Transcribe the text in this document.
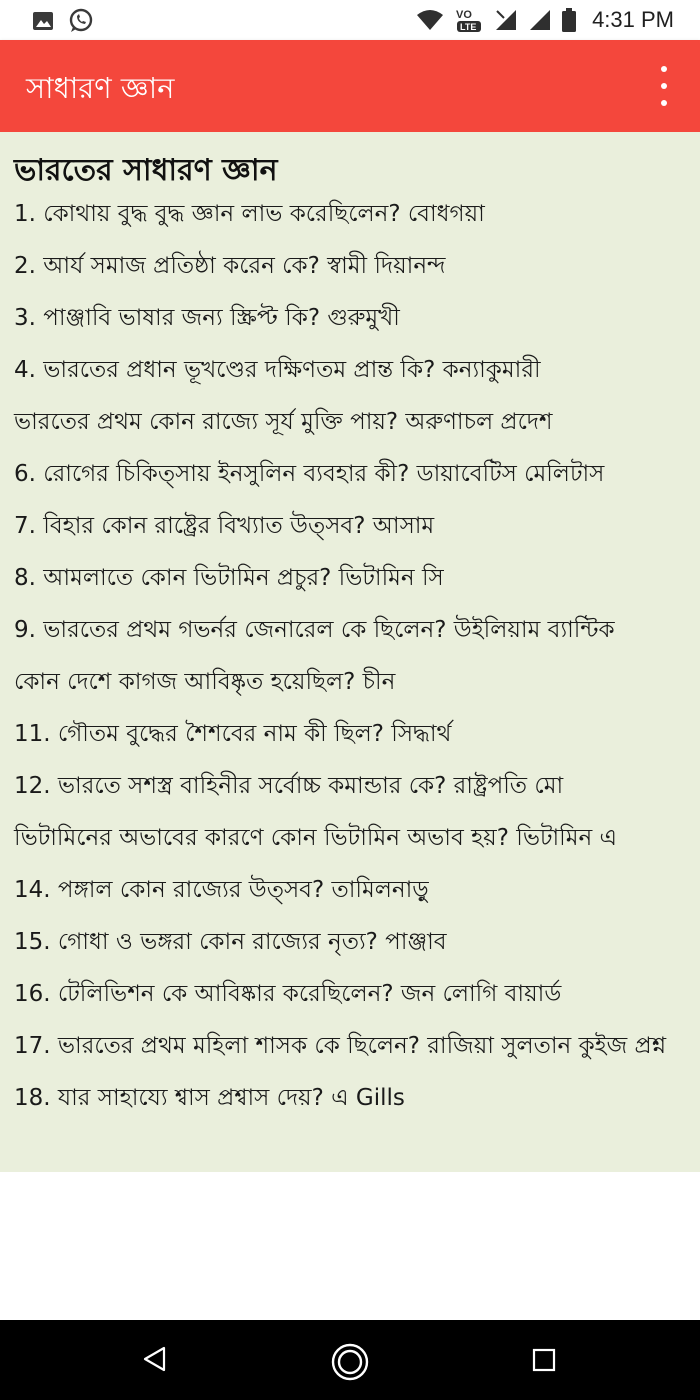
VO
LTE	4:31 PM
সাধারণ জ্ঞান
ভারতের সাধারণ জ্ঞান
1. কোথায় বুদ্ধ বুদ্ধ জ্ঞান লাভ করেছিলেন? বোধগয়া
2. আর্য সমাজ প্রতিষ্ঠা করেন কে? স্বামী দিয়ানন্দ
3. পাঞ্জাবি ভাষার জন্য স্ক্রিপ্ট কি? গুরুমুখী
4. ভারতের প্রধান ভূখণ্ডের দক্ষিণতম প্রান্ত কি? কন্যাকুমারী
ভারতের প্রথম কোন রাজ্যে সূর্য মুক্তি পায়? অরুণাচল প্রদেশ
6. রোগের চিকিত্সায় ইনসুলিন ব্যবহার কী? ডায়াবেটিস মেলিটাস
7. বিহার কোন রাষ্ট্রের বিখ্যাত উত্সব? আসাম
8. আমলাতে কোন ভিটামিন প্রচুর? ভিটামিন সি
9. ভারতের প্রথম গভর্নর জেনারেল কে ছিলেন? উইলিয়াম ব্যান্টিক
কোন দেশে কাগজ আবিষ্কৃত হয়েছিল? চীন
11. গৌতম বুদ্ধের শৈশবের নাম কী ছিল? সিদ্ধার্থ
12. ভারতে সশস্ত্র বাহিনীর সর্বোচ্চ কমান্ডার কে? রাষ্ট্রপতি মো
ভিটামিনের অভাবের কারণে কোন ভিটামিন অভাব হয়? ভিটামিন এ
14. পঙ্গাল কোন রাজ্যের উত্সব? তামিলনাড়ু
15. গোধা ও ভঙ্গরা কোন রাজ্যের নৃত্য? পাঞ্জাব
16. টেলিভিশন কে আবিষ্কার করেছিলেন? জন লোগি বায়ার্ড
17. ভারতের প্রথম মহিলা শাসক কে ছিলেন? রাজিয়া সুলতান কুইজ প্রশ্ন
18. যার সাহায্যে শ্বাস প্রশ্বাস দেয়? এ Gills
